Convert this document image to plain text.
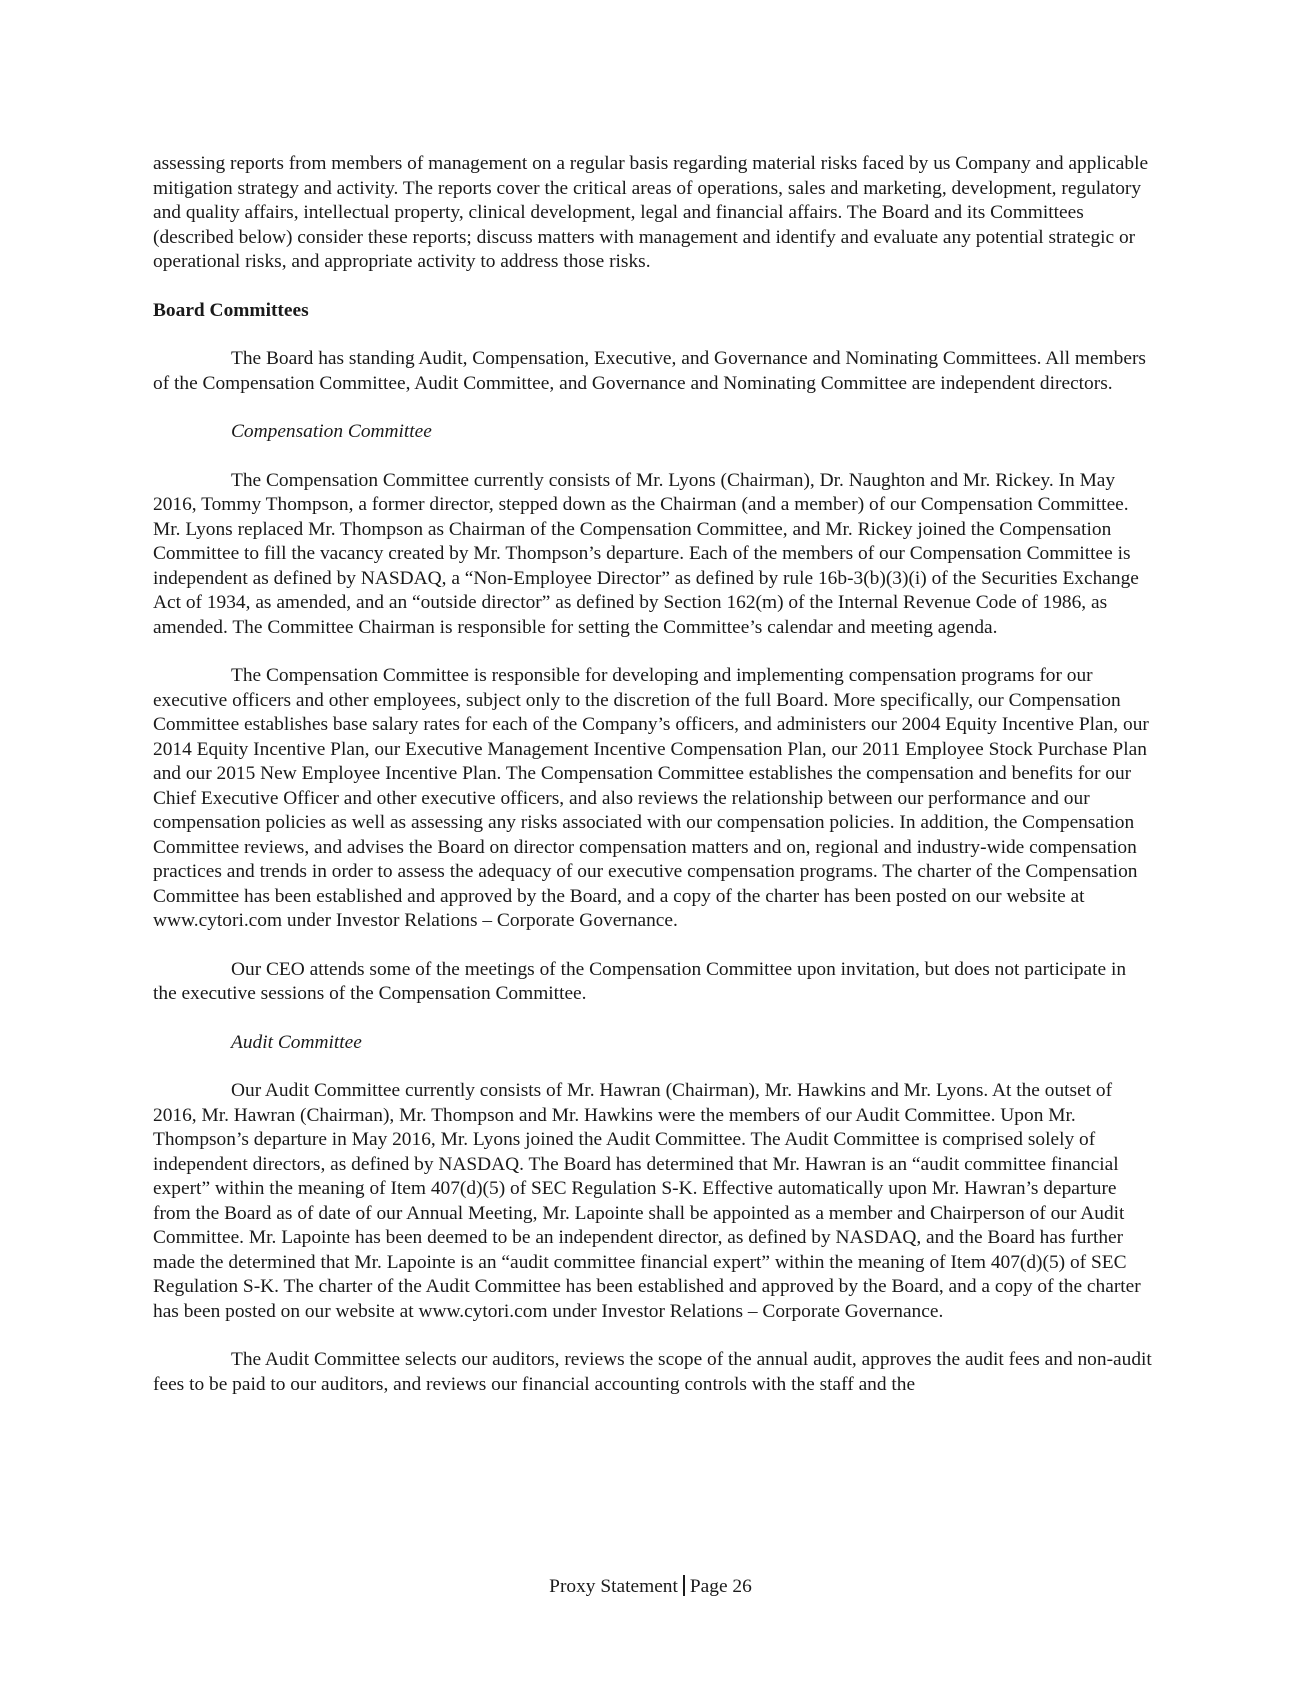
assessing reports from members of management on a regular basis regarding material risks faced by us Company and applicable mitigation strategy and activity. The reports cover the critical areas of operations, sales and marketing, development, regulatory and quality affairs, intellectual property, clinical development, legal and financial affairs. The Board and its Committees (described below) consider these reports; discuss matters with management and identify and evaluate any potential strategic or operational risks, and appropriate activity to address those risks.

Board Committees

The Board has standing Audit, Compensation, Executive, and Governance and Nominating Committees. All members of the Compensation Committee, Audit Committee, and Governance and Nominating Committee are independent directors.

Compensation Committee

The Compensation Committee currently consists of Mr. Lyons (Chairman), Dr. Naughton and Mr. Rickey. In May 2016, Tommy Thompson, a former director, stepped down as the Chairman (and a member) of our Compensation Committee. Mr. Lyons replaced Mr. Thompson as Chairman of the Compensation Committee, and Mr. Rickey joined the Compensation Committee to fill the vacancy created by Mr. Thompson’s departure. Each of the members of our Compensation Committee is independent as defined by NASDAQ, a “Non-Employee Director” as defined by rule 16b-3(b)(3)(i) of the Securities Exchange Act of 1934, as amended, and an “outside director” as defined by Section 162(m) of the Internal Revenue Code of 1986, as amended. The Committee Chairman is responsible for setting the Committee’s calendar and meeting agenda.

The Compensation Committee is responsible for developing and implementing compensation programs for our executive officers and other employees, subject only to the discretion of the full Board. More specifically, our Compensation Committee establishes base salary rates for each of the Company’s officers, and administers our 2004 Equity Incentive Plan, our 2014 Equity Incentive Plan, our Executive Management Incentive Compensation Plan, our 2011 Employee Stock Purchase Plan and our 2015 New Employee Incentive Plan. The Compensation Committee establishes the compensation and benefits for our Chief Executive Officer and other executive officers, and also reviews the relationship between our performance and our compensation policies as well as assessing any risks associated with our compensation policies. In addition, the Compensation Committee reviews, and advises the Board on director compensation matters and on, regional and industry-wide compensation practices and trends in order to assess the adequacy of our executive compensation programs. The charter of the Compensation Committee has been established and approved by the Board, and a copy of the charter has been posted on our website at www.cytori.com under Investor Relations – Corporate Governance.

Our CEO attends some of the meetings of the Compensation Committee upon invitation, but does not participate in the executive sessions of the Compensation Committee.

Audit Committee

Our Audit Committee currently consists of Mr. Hawran (Chairman), Mr. Hawkins and Mr. Lyons. At the outset of 2016, Mr. Hawran (Chairman), Mr. Thompson and Mr. Hawkins were the members of our Audit Committee. Upon Mr. Thompson’s departure in May 2016, Mr. Lyons joined the Audit Committee. The Audit Committee is comprised solely of independent directors, as defined by NASDAQ. The Board has determined that Mr. Hawran is an “audit committee financial expert” within the meaning of Item 407(d)(5) of SEC Regulation S-K. Effective automatically upon Mr. Hawran’s departure from the Board as of date of our Annual Meeting, Mr. Lapointe shall be appointed as a member and Chairperson of our Audit Committee. Mr. Lapointe has been deemed to be an independent director, as defined by NASDAQ, and the Board has further made the determined that Mr. Lapointe is an “audit committee financial expert” within the meaning of Item 407(d)(5) of SEC Regulation S-K. The charter of the Audit Committee has been established and approved by the Board, and a copy of the charter has been posted on our website at www.cytori.com under Investor Relations – Corporate Governance.

The Audit Committee selects our auditors, reviews the scope of the annual audit, approves the audit fees and non-audit fees to be paid to our auditors, and reviews our financial accounting controls with the staff and the

Proxy Statement Page 26
